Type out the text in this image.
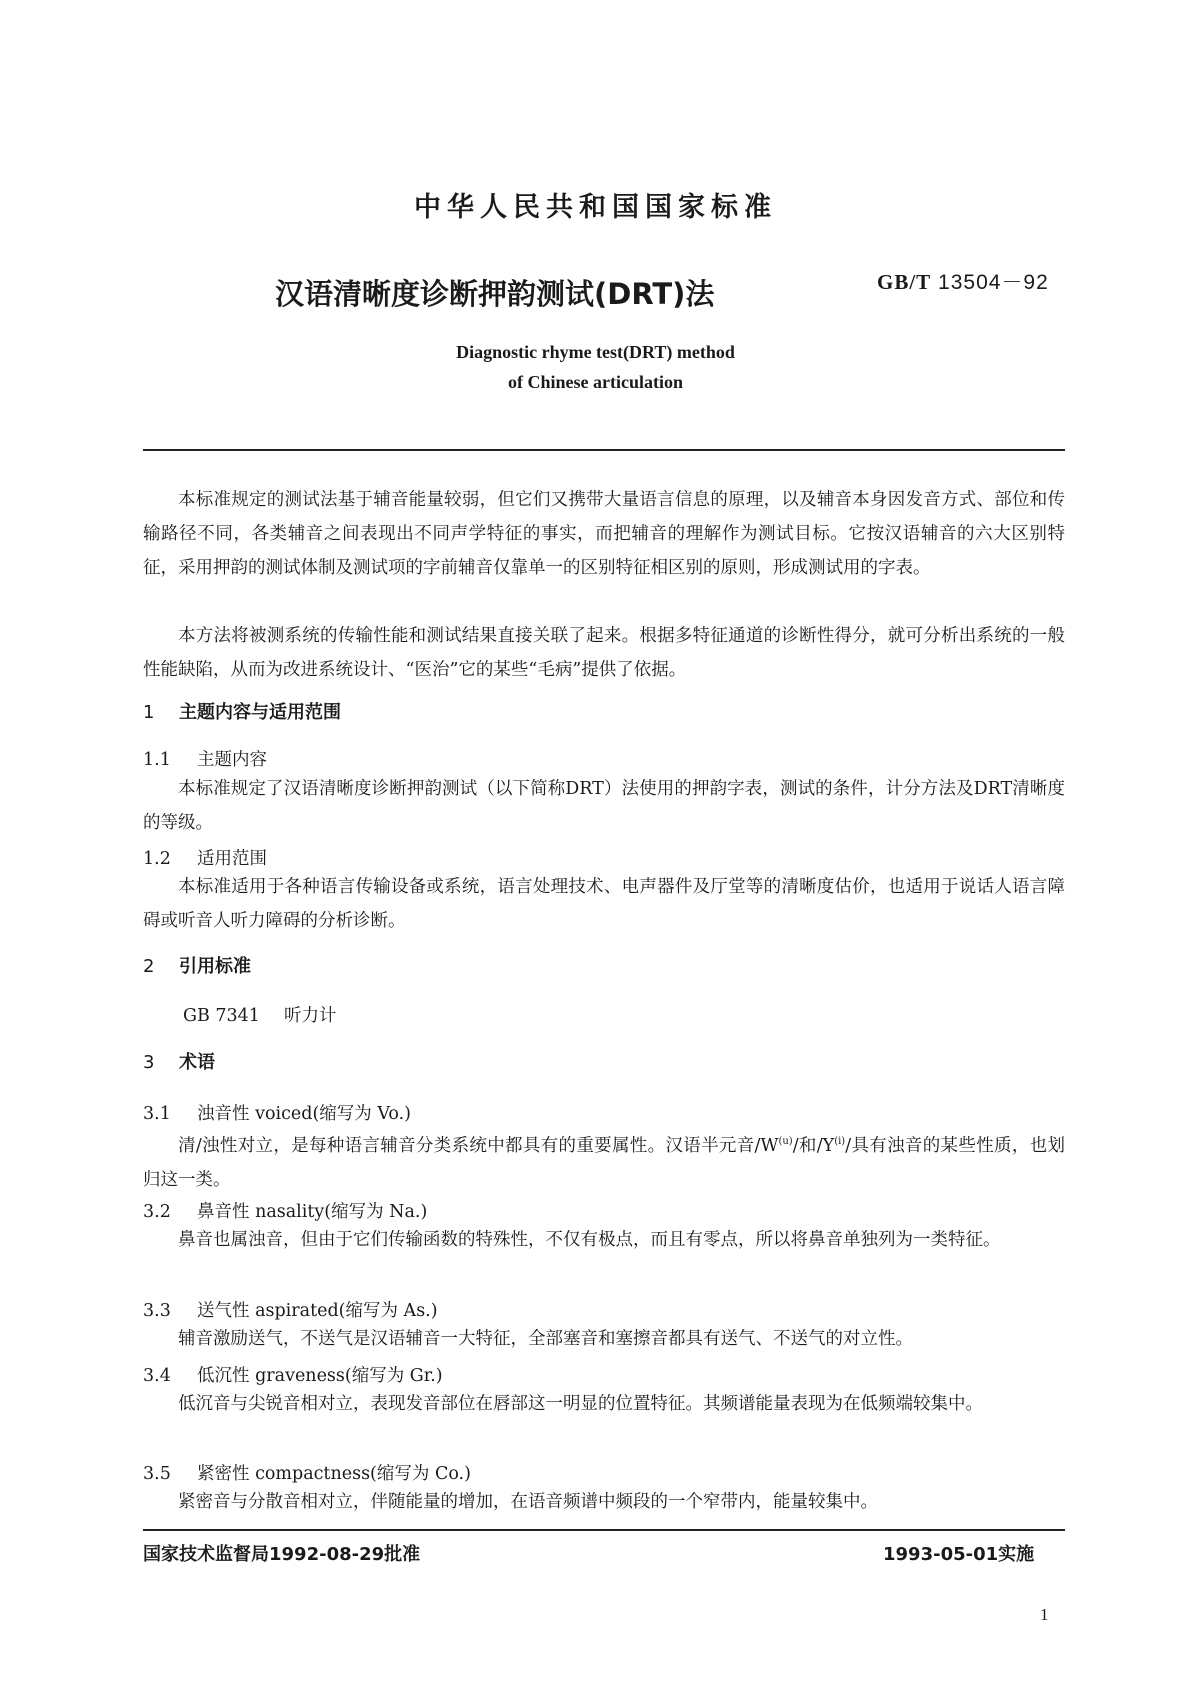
中华人民共和国国家标准
汉语清晰度诊断押韵测试(DRT)法	GB/T 13504－92
Diagnostic rhyme test(DRT) method
of Chinese articulation
本标准规定的测试法基于辅音能量较弱，但它们又携带大量语言信息的原理，以及辅音本身因发音方式、部位和传输路径不同，各类辅音之间表现出不同声学特征的事实，而把辅音的理解作为测试目标。它按汉语辅音的六大区别特征，采用押韵的测试体制及测试项的字前辅音仅靠单一的区别特征相区别的原则，形成测试用的字表。
本方法将被测系统的传输性能和测试结果直接关联了起来。根据多特征通道的诊断性得分，就可分析出系统的一般性能缺陷，从而为改进系统设计、“医治”它的某些“毛病”提供了依据。
1 主题内容与适用范围
1.1 主题内容
本标准规定了汉语清晰度诊断押韵测试（以下简称DRT）法使用的押韵字表，测试的条件，计分方法及DRT清晰度的等级。
1.2 适用范围
本标准适用于各种语言传输设备或系统，语言处理技术、电声器件及厅堂等的清晰度估价，也适用于说话人语言障碍或听音人听力障碍的分析诊断。
2 引用标准
GB 7341 听力计
3 术语
3.1 浊音性 voiced(缩写为 Vo.)
清/浊性对立，是每种语言辅音分类系统中都具有的重要属性。汉语半元音$/W^{(u)}/$和$/Y^{(i)}/$具有浊音的某些性质，也划归这一类。
3.2 鼻音性 nasality(缩写为 Na.)
鼻音也属浊音，但由于它们传输函数的特殊性，不仅有极点，而且有零点，所以将鼻音单独列为一类特征。
3.3 送气性 aspirated(缩写为 As.)
辅音激励送气，不送气是汉语辅音一大特征，全部塞音和塞擦音都具有送气、不送气的对立性。
3.4 低沉性 graveness(缩写为 Gr.)
低沉音与尖锐音相对立，表现发音部位在唇部这一明显的位置特征。其频谱能量表现为在低频端较集中。
3.5 紧密性 compactness(缩写为 Co.)
紧密音与分散音相对立，伴随能量的增加，在语音频谱中频段的一个窄带内，能量较集中。
国家技术监督局1992-08-29批准	1993-05-01实施
1
